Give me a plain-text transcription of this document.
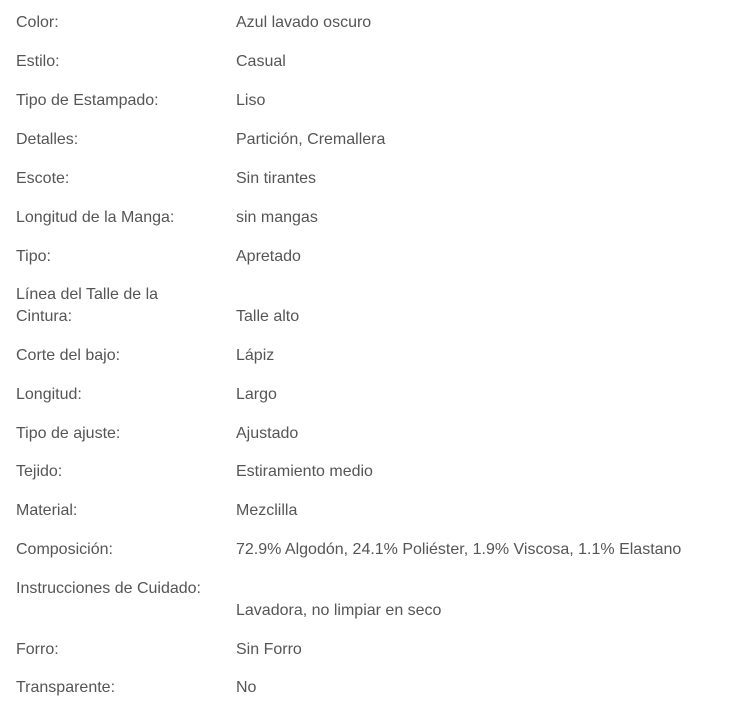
Color:	Azul lavado oscuro
Estilo:	Casual
Tipo de Estampado:	Liso
Detalles:	Partición, Cremallera
Escote:	Sin tirantes
Longitud de la Manga:	sin mangas
Tipo:	Apretado
Línea del Talle de la Cintura:	Talle alto
Corte del bajo:	Lápiz
Longitud:	Largo
Tipo de ajuste:	Ajustado
Tejido:	Estiramiento medio
Material:	Mezclilla
Composición:	72.9% Algodón, 24.1% Poliéster, 1.9% Viscosa, 1.1% Elastano
Instrucciones de Cuidado:
Lavadora, no limpiar en seco
Forro:	Sin Forro
Transparente:	No
